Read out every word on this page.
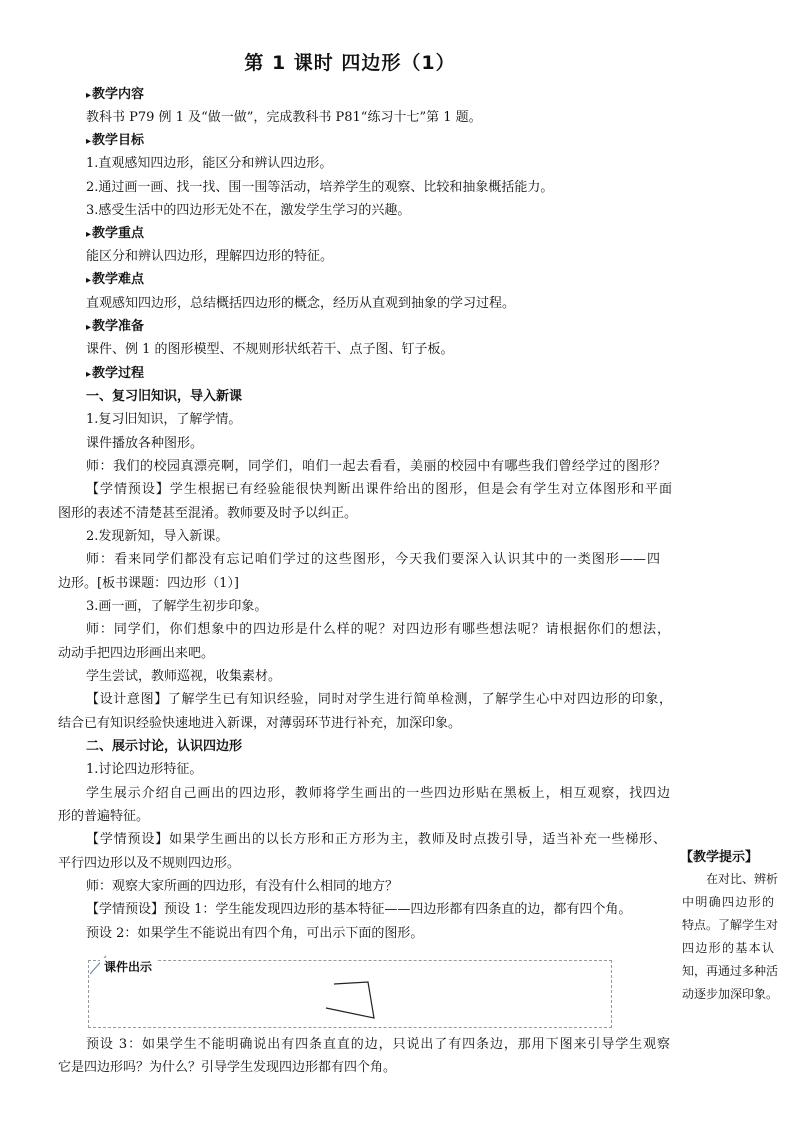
第 1 课时 四边形（1）
▸ 教学内容
教科书 P79 例 1 及“做一做”，完成教科书 P81“练习十七”第 1 题。
▸ 教学目标
1.直观感知四边形，能区分和辨认四边形。
2.通过画一画、找一找、围一围等活动，培养学生的观察、比较和抽象概括能力。
3.感受生活中的四边形无处不在，激发学生学习的兴趣。
▸ 教学重点
能区分和辨认四边形，理解四边形的特征。
▸ 教学难点
直观感知四边形，总结概括四边形的概念，经历从直观到抽象的学习过程。
▸ 教学准备
课件、例 1 的图形模型、不规则形状纸若干、点子图、钉子板。
▸ 教学过程
一、复习旧知识，导入新课
1.复习旧知识，了解学情。
课件播放各种图形。
师：我们的校园真漂亮啊，同学们，咱们一起去看看，美丽的校园中有哪些我们曾经学过的图形？
【学情预设】学生根据已有经验能很快判断出课件给出的图形，但是会有学生对立体图形和平面
图形的表述不清楚甚至混淆。教师要及时予以纠正。
2.发现新知，导入新课。
师：看来同学们都没有忘记咱们学过的这些图形，今天我们要深入认识其中的一类图形——四
边形。[板书课题：四边形（1）]
3.画一画，了解学生初步印象。
师：同学们，你们想象中的四边形是什么样的呢？对四边形有哪些想法呢？请根据你们的想法，
动动手把四边形画出来吧。
学生尝试，教师巡视，收集素材。
【设计意图】了解学生已有知识经验，同时对学生进行简单检测，了解学生心中对四边形的印象，
结合已有知识经验快速地进入新课，对薄弱环节进行补充，加深印象。
二、展示讨论，认识四边形
1.讨论四边形特征。
学生展示介绍自己画出的四边形，教师将学生画出的一些四边形贴在黑板上，相互观察，找四边
形的普遍特征。
【学情预设】如果学生画出的以长方形和正方形为主，教师及时点拨引导，适当补充一些梯形、
平行四边形以及不规则四边形。
师：观察大家所画的四边形，有没有什么相同的地方？
【学情预设】预设 1：学生能发现四边形的基本特征——四边形都有四条直的边，都有四个角。
预设 2：如果学生不能说出有四个角，可出示下面的图形。
课件出示
预设 3：如果学生不能明确说出有四条直直的边，只说出了有四条边，那用下图来引导学生观察
它是四边形吗？为什么？引导学生发现四边形都有四个角。
【教学提示】
在对比、辨析
中明确四边形的
特点。了解学生对
四边形的基本认
知，再通过多种活
动逐步加深印象。
